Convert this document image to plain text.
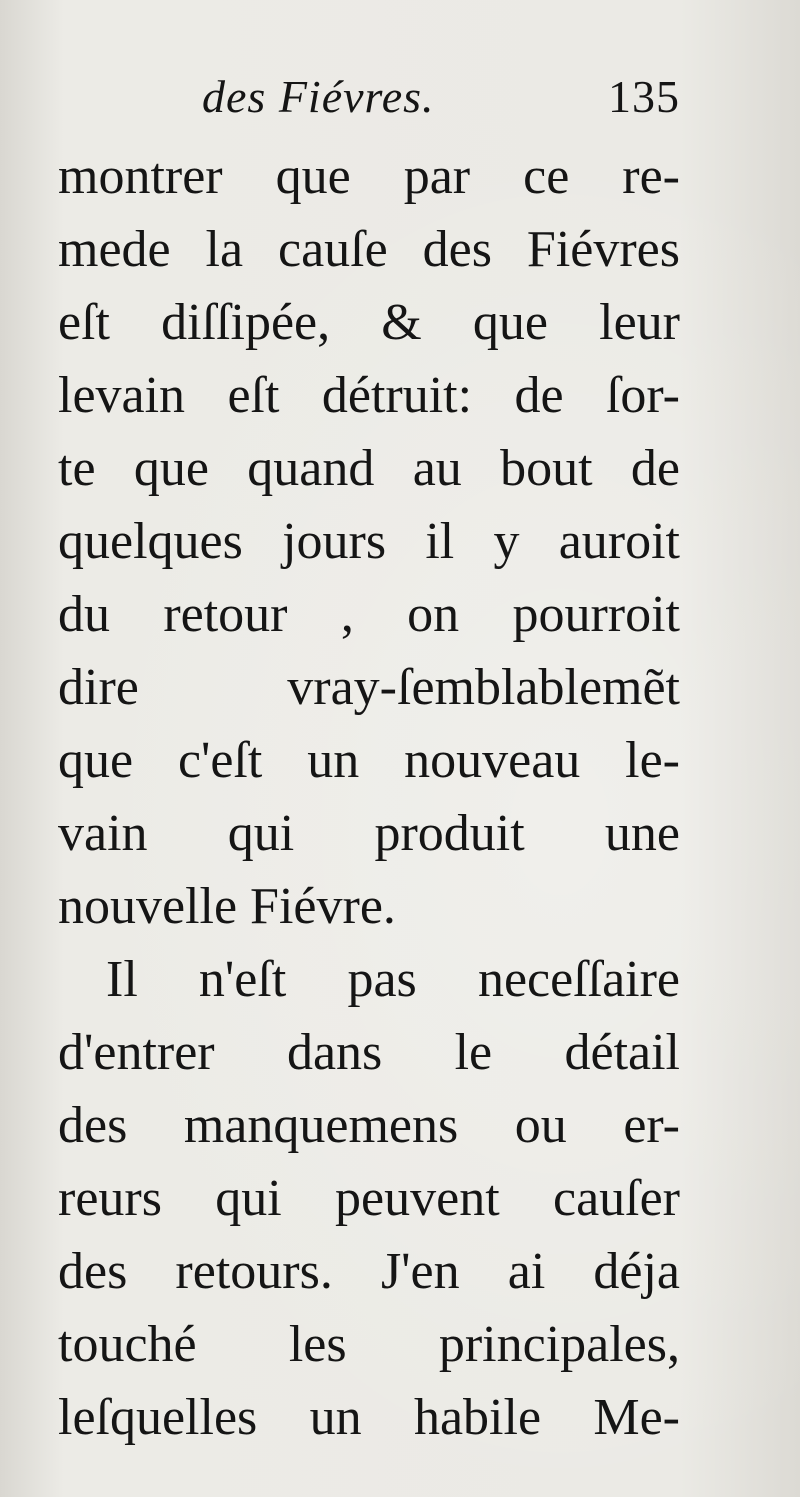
des Fiévres.	135
montrer que par ce re-
mede la cauſe des Fiévres
eſt diſſipée, & que leur
levain eſt détruit: de ſor-
te que quand au bout de
quelques jours il y auroit
du retour , on pourroit
dire vray-ſemblablemẽt
que c'eſt un nouveau le-
vain qui produit une
nouvelle Fiévre.
Il n'eſt pas neceſſaire
d'entrer dans le détail
des manquemens ou er-
reurs qui peuvent cauſer
des retours. J'en ai déja
touché les principales,
leſquelles un habile Me-
